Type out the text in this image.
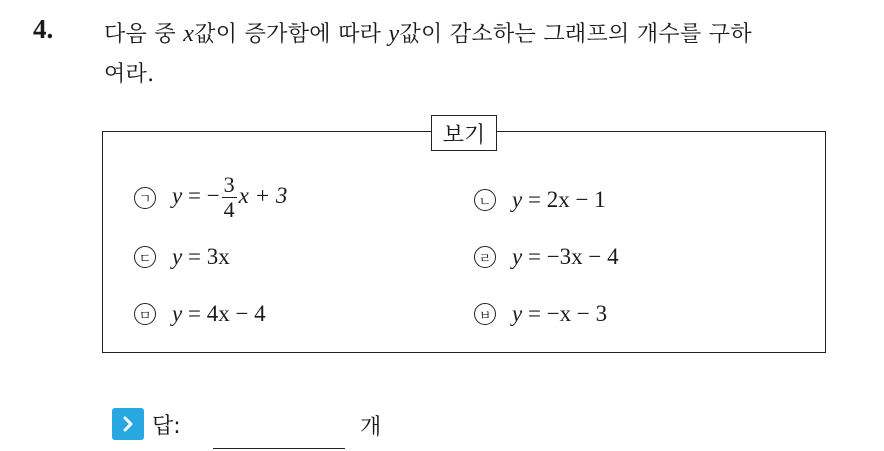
4. 다음 중 x값이 증가함에 따라 y값이 감소하는 그래프의 개수를 구하
여라.
보기
ㄱ y = − $\frac{3}{4}$ x + 3	ㄴ y = 2x − 1
ㄷ y = 3x	ㄹ y = −3x − 4
ㅁ y = 4x − 4	ㅂ y = −x − 3
답:	개
